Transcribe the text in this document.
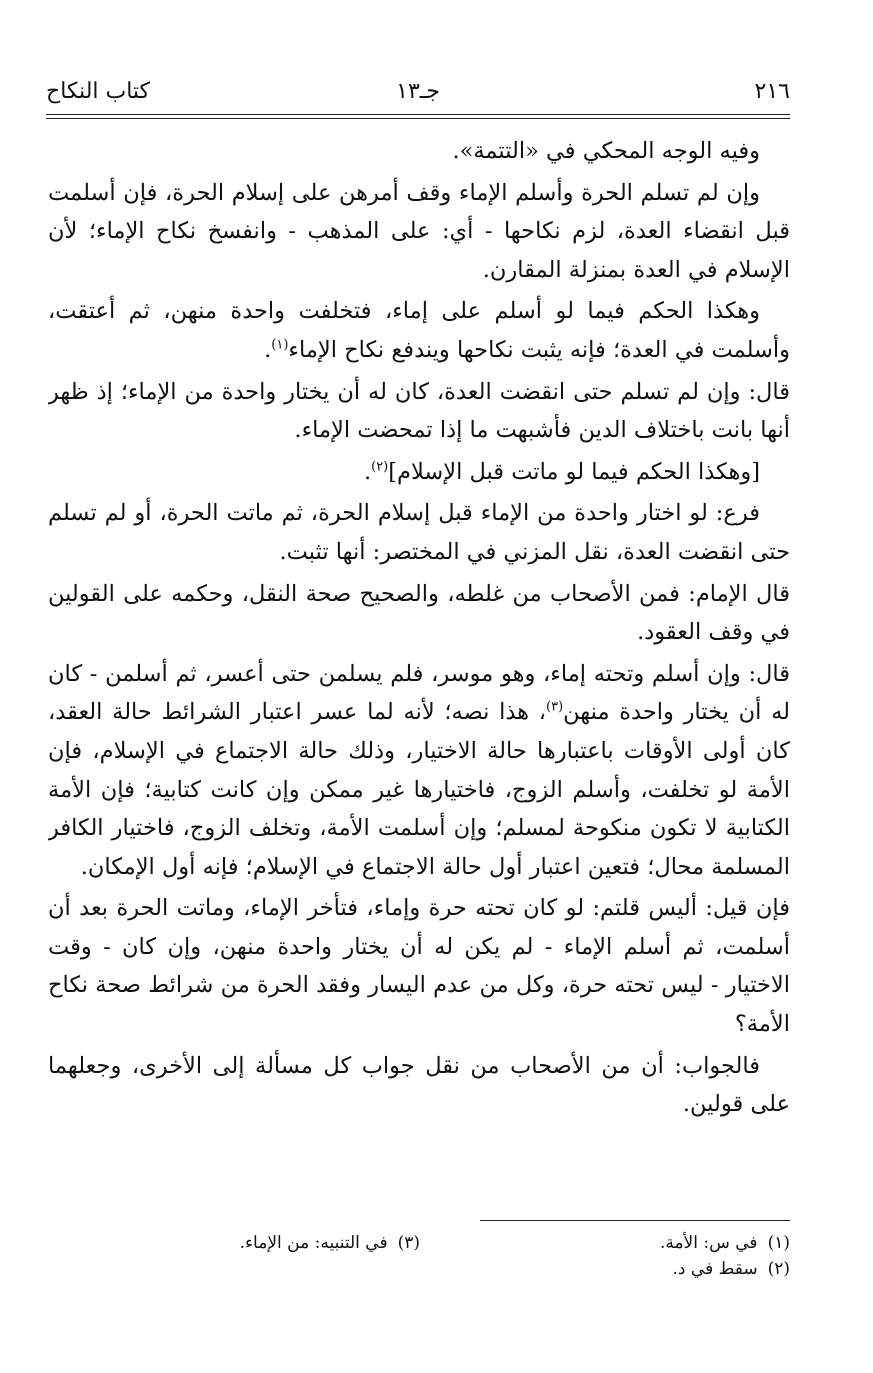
٢١٦
جـ١٣
كتاب النكاح

وفيه الوجه المحكي في «التتمة».

وإن لم تسلم الحرة وأسلم الإماء وقف أمرهن على إسلام الحرة، فإن أسلمت قبل انقضاء العدة، لزم نكاحها - أي: على المذهب - وانفسخ نكاح الإماء؛ لأن الإسلام في العدة بمنزلة المقارن.

وهكذا الحكم فيما لو أسلم على إماء، فتخلفت واحدة منهن، ثم أعتقت، وأسلمت في العدة؛ فإنه يثبت نكاحها ويندفع نكاح الإماء$^{(١)}$.

قال: وإن لم تسلم حتى انقضت العدة، كان له أن يختار واحدة من الإماء؛ إذ ظهر أنها بانت باختلاف الدين فأشبهت ما إذا تمحضت الإماء.

[وهكذا الحكم فيما لو ماتت قبل الإسلام]$^{(٢)}$.

فرع: لو اختار واحدة من الإماء قبل إسلام الحرة، ثم ماتت الحرة، أو لم تسلم حتى انقضت العدة، نقل المزني في المختصر: أنها تثبت.

قال الإمام: فمن الأصحاب من غلطه، والصحيح صحة النقل، وحكمه على القولين في وقف العقود.

قال: وإن أسلم وتحته إماء، وهو موسر، فلم يسلمن حتى أعسر، ثم أسلمن - كان له أن يختار واحدة منهن$^{(٣)}$، هذا نصه؛ لأنه لما عسر اعتبار الشرائط حالة العقد، كان أولى الأوقات باعتبارها حالة الاختيار، وذلك حالة الاجتماع في الإسلام، فإن الأمة لو تخلفت، وأسلم الزوج، فاختيارها غير ممكن وإن كانت كتابية؛ فإن الأمة الكتابية لا تكون منكوحة لمسلم؛ وإن أسلمت الأمة، وتخلف الزوج، فاختيار الكافر المسلمة محال؛ فتعين اعتبار أول حالة الاجتماع في الإسلام؛ فإنه أول الإمكان.

فإن قيل: أليس قلتم: لو كان تحته حرة وإماء، فتأخر الإماء، وماتت الحرة بعد أن أسلمت، ثم أسلم الإماء - لم يكن له أن يختار واحدة منهن، وإن كان - وقت الاختيار - ليس تحته حرة، وكل من عدم اليسار وفقد الحرة من شرائط صحة نكاح الأمة؟

فالجواب: أن من الأصحاب من نقل جواب كل مسألة إلى الأخرى، وجعلهما على قولين.

(١)في س: الأمة.
(٢)سقط في د.
(٣)في التنبيه: من الإماء.
